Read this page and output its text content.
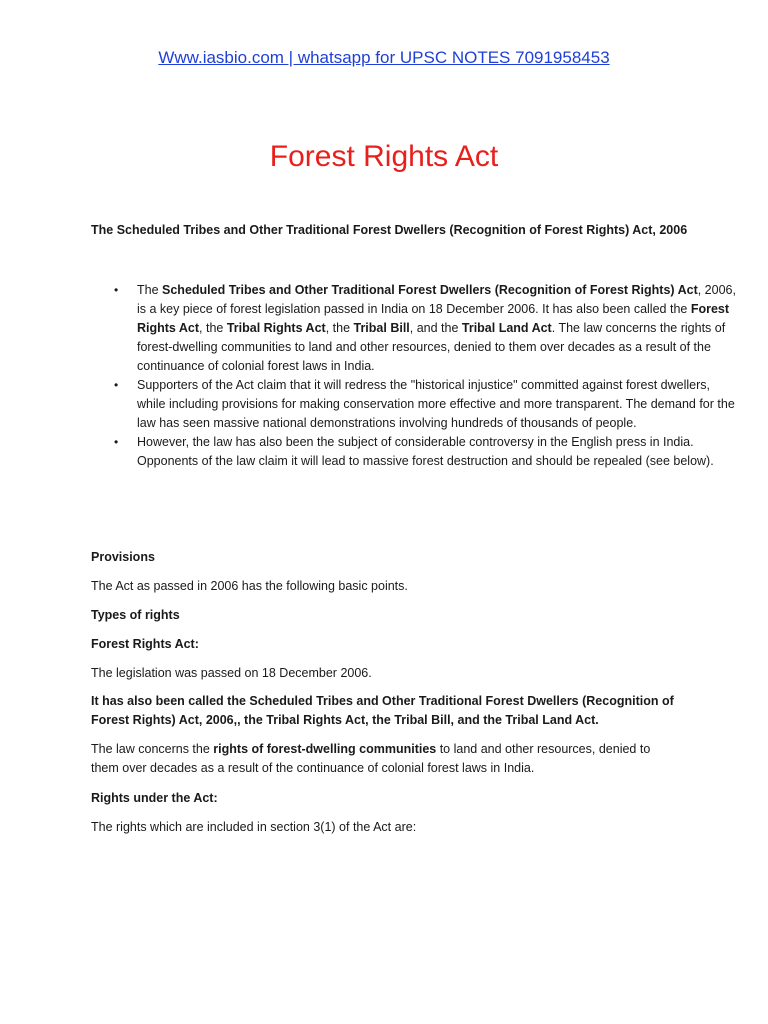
Www.iasbio.com | whatsapp for UPSC NOTES 7091958453
Forest Rights Act

The Scheduled Tribes and Other Traditional Forest Dwellers (Recognition of Forest Rights) Act, 2006

• The Scheduled Tribes and Other Traditional Forest Dwellers (Recognition of Forest Rights) Act, 2006, is a key piece of forest legislation passed in India on 18 December 2006. It has also been called the Forest Rights Act, the Tribal Rights Act, the Tribal Bill, and the Tribal Land Act. The law concerns the rights of forest-dwelling communities to land and other resources, denied to them over decades as a result of the continuance of colonial forest laws in India.
• Supporters of the Act claim that it will redress the "historical injustice" committed against forest dwellers, while including provisions for making conservation more effective and more transparent. The demand for the law has seen massive national demonstrations involving hundreds of thousands of people.
• However, the law has also been the subject of considerable controversy in the English press in India. Opponents of the law claim it will lead to massive forest destruction and should be repealed (see below).

Provisions

The Act as passed in 2006 has the following basic points.

Types of rights

Forest Rights Act:

The legislation was passed on 18 December 2006.

It has also been called the Scheduled Tribes and Other Traditional Forest Dwellers (Recognition of Forest Rights) Act, 2006,, the Tribal Rights Act, the Tribal Bill, and the Tribal Land Act.

The law concerns the rights of forest-dwelling communities to land and other resources, denied to them over decades as a result of the continuance of colonial forest laws in India.

Rights under the Act:

The rights which are included in section 3(1) of the Act are:
